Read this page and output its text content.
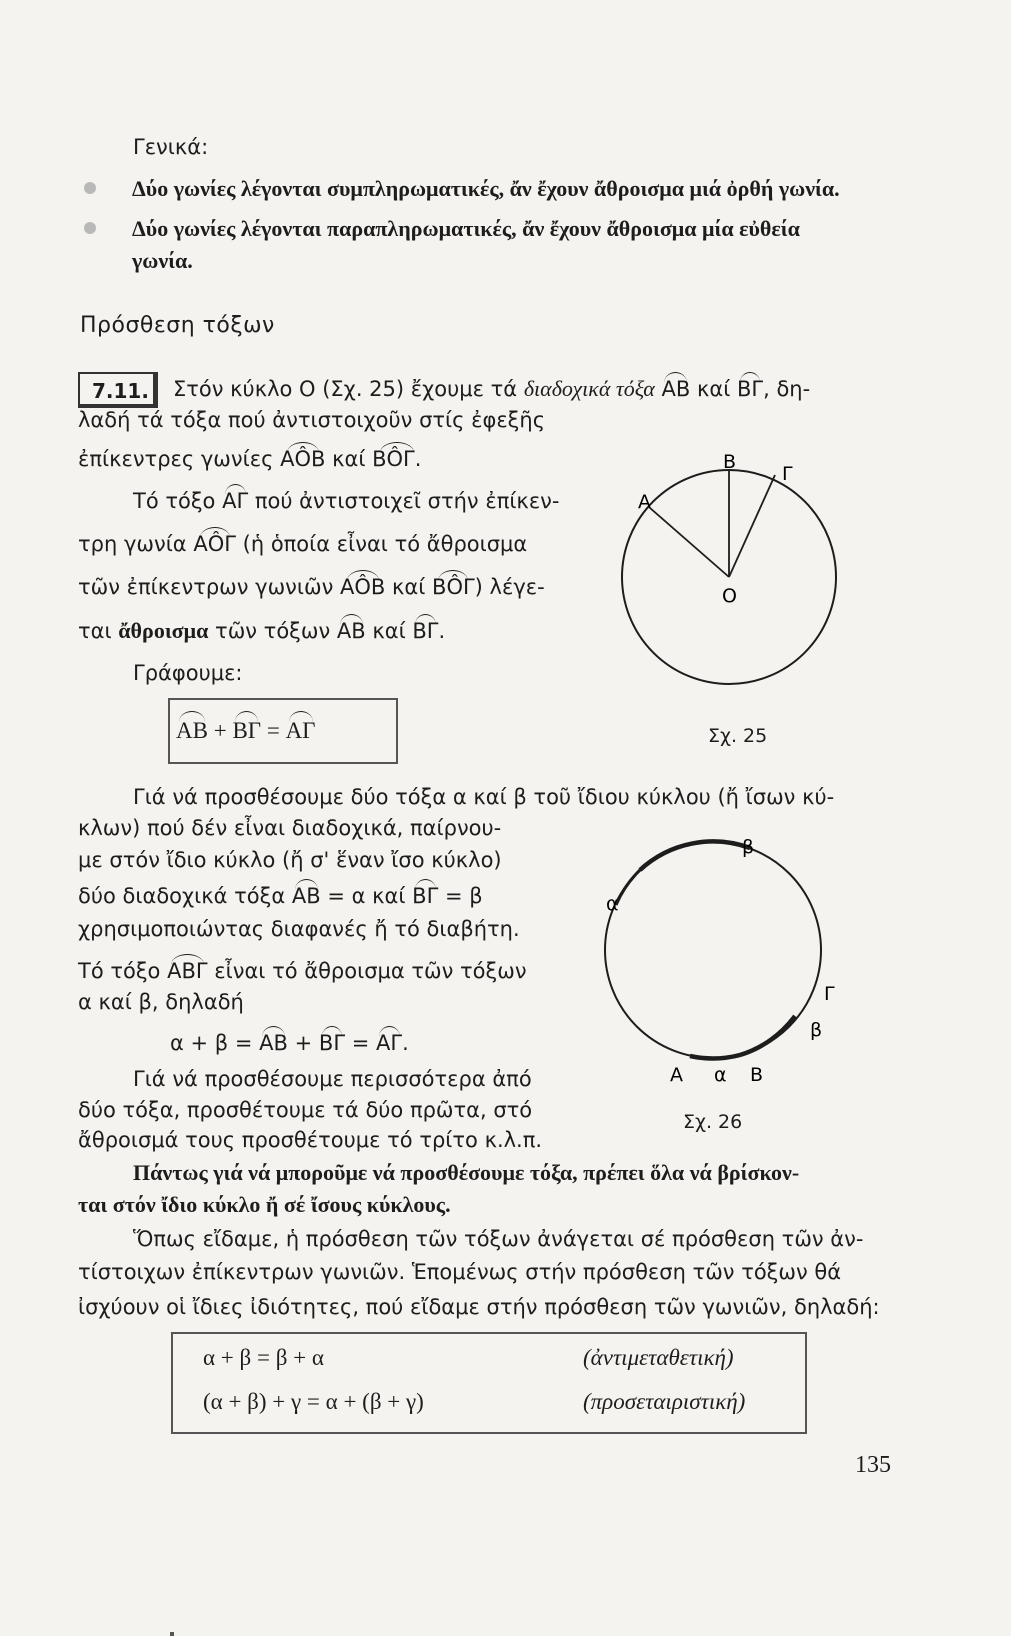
Γενικά:
Δύο γωνίες λέγονται συμπληρωματικές, ἄν ἔχουν ἄθροισμα μιά ὀρθή γωνία.
Δύο γωνίες λέγονται παραπληρωματικές, ἄν ἔχουν ἄθροισμα μία εὐθεία
γωνία.
Πρόσθεση τόξων
7.11. Στόν κύκλο Ο (Σχ. 25) ἔχουμε τά διαδοχικά τόξα ΑΒ καί ΒΓ, δη-
λαδή τά τόξα πού ἀντιστοιχοῦν στίς ἐφεξῆς
ἐπίκεντρες γωνίες ΑÔΒ καί ΒÔΓ.
Τό τόξο ΑΓ πού ἀντιστοιχεῖ στήν ἐπίκεν-
τρη γωνία ΑÔΓ (ἡ ὁποία εἶναι τό ἄθροισμα
τῶν ἐπίκεντρων γωνιῶν ΑÔΒ καί ΒÔΓ) λέγε-
ται ἄθροισμα τῶν τόξων ΑΒ καί ΒΓ.
Γράφουμε:
ΑΒ + ΒΓ = ΑΓ
Α
Β
Γ
Ο
Σχ. 25
Γιά νά προσθέσουμε δύο τόξα α καί β τοῦ ἴδιου κύκλου (ἤ ἴσων κύ-
κλων) πού δέν εἶναι διαδοχικά, παίρνου-
με στόν ἴδιο κύκλο (ἤ σ' ἕναν ἴσο κύκλο)
δύο διαδοχικά τόξα ΑΒ = α καί ΒΓ = β
χρησιμοποιώντας διαφανές ἤ τό διαβήτη.
Τό τόξο ΑΒΓ εἶναι τό ἄθροισμα τῶν τόξων
α καί β, δηλαδή
α + β = ΑΒ + ΒΓ = ΑΓ.
Γιά νά προσθέσουμε περισσότερα ἀπό
δύο τόξα, προσθέτουμε τά δύο πρῶτα, στό
ἄθροισμά τους προσθέτουμε τό τρίτο κ.λ.π.
β
α
Γ
β
Α α Β
Σχ. 26
Πάντως γιά νά μποροῦμε νά προσθέσουμε τόξα, πρέπει ὅλα νά βρίσκον-
ται στόν ἴδιο κύκλο ἤ σέ ἴσους κύκλους.
Ὅπως εἴδαμε, ἡ πρόσθεση τῶν τόξων ἀνάγεται σέ πρόσθεση τῶν ἀν-
τίστοιχων ἐπίκεντρων γωνιῶν. Ἑπομένως στήν πρόσθεση τῶν τόξων θά
ἰσχύουν οἱ ἴδιες ἰδιότητες, πού εἴδαμε στήν πρόσθεση τῶν γωνιῶν, δηλαδή:
α + β = β + α	(ἀντιμεταθετική)
(α + β) + γ = α + (β + γ)	(προσεταιριστική)
135
